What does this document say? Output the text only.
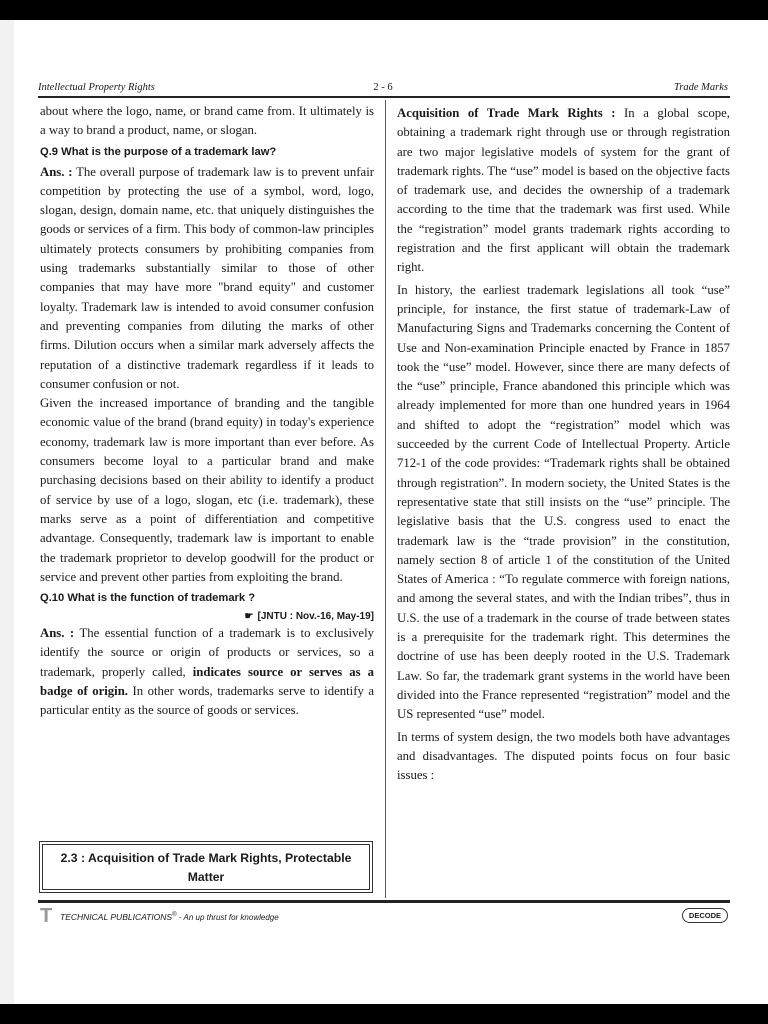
Intellectual Property Rights	2 - 6	Trade Marks

about where the logo, name, or brand came from. It ultimately is a way to brand a product, name, or slogan.

Q.9 What is the purpose of a trademark law?

Ans. : The overall purpose of trademark law is to prevent unfair competition by protecting the use of a symbol, word, logo, slogan, design, domain name, etc. that uniquely distinguishes the goods or services of a firm. This body of common-law principles ultimately protects consumers by prohibiting companies from using trademarks substantially similar to those of other companies that may have more "brand equity" and customer loyalty. Trademark law is intended to avoid consumer confusion and preventing companies from diluting the marks of other firms. Dilution occurs when a similar mark adversely affects the reputation of a distinctive trademark regardless if it leads to consumer confusion or not.

Given the increased importance of branding and the tangible economic value of the brand (brand equity) in today's experience economy, trademark law is more important than ever before. As consumers become loyal to a particular brand and make purchasing decisions based on their ability to identify a product of service by use of a logo, slogan, etc (i.e. trademark), these marks serve as a point of differentiation and competitive advantage. Consequently, trademark law is important to enable the trademark proprietor to develop goodwill for the product or service and prevent other parties from exploiting the brand.

Q.10 What is the function of trademark ?

☛ [JNTU : Nov.-16, May-19]

Ans. : The essential function of a trademark is to exclusively identify the source or origin of products or services, so a trademark, properly called, indicates source or serves as a badge of origin. In other words, trademarks serve to identify a particular entity as the source of goods or services.

2.3 : Acquisition of Trade Mark Rights, Protectable Matter

Acquisition of Trade Mark Rights : In a global scope, obtaining a trademark right through use or through registration are two major legislative models of system for the grant of trademark rights. The “use” model is based on the objective facts of trademark use, and decides the ownership of a trademark according to the time that the trademark was first used. While the “registration” model grants trademark rights according to registration and the first applicant will obtain the trademark right.

In history, the earliest trademark legislations all took “use” principle, for instance, the first statue of trademark-Law of Manufacturing Signs and Trademarks concerning the Content of Use and Non-examination Principle enacted by France in 1857 took the “use” model. However, since there are many defects of the “use” principle, France abandoned this principle which was already implemented for more than one hundred years in 1964 and shifted to adopt the “registration” model which was succeeded by the current Code of Intellectual Property. Article 712-1 of the code provides: “Trademark rights shall be obtained through registration”. In modern society, the United States is the representative state that still insists on the “use” principle. The legislative basis that the U.S. congress used to enact the trademark law is the “trade provision” in the constitution, namely section 8 of article 1 of the constitution of the United States of America : “To regulate commerce with foreign nations, and among the several states, and with the Indian tribes”, thus in U.S. the use of a trademark in the course of trade between states is a prerequisite for the trademark right. This determines the doctrine of use has been deeply rooted in the U.S. Trademark Law. So far, the trademark grant systems in the world have been divided into the France represented “registration” model and the US represented “use” model.

In terms of system design, the two models both have advantages and disadvantages. The disputed points focus on four basic issues :

T TECHNICAL PUBLICATIONS® - An up thrust for knowledge	DECODE
